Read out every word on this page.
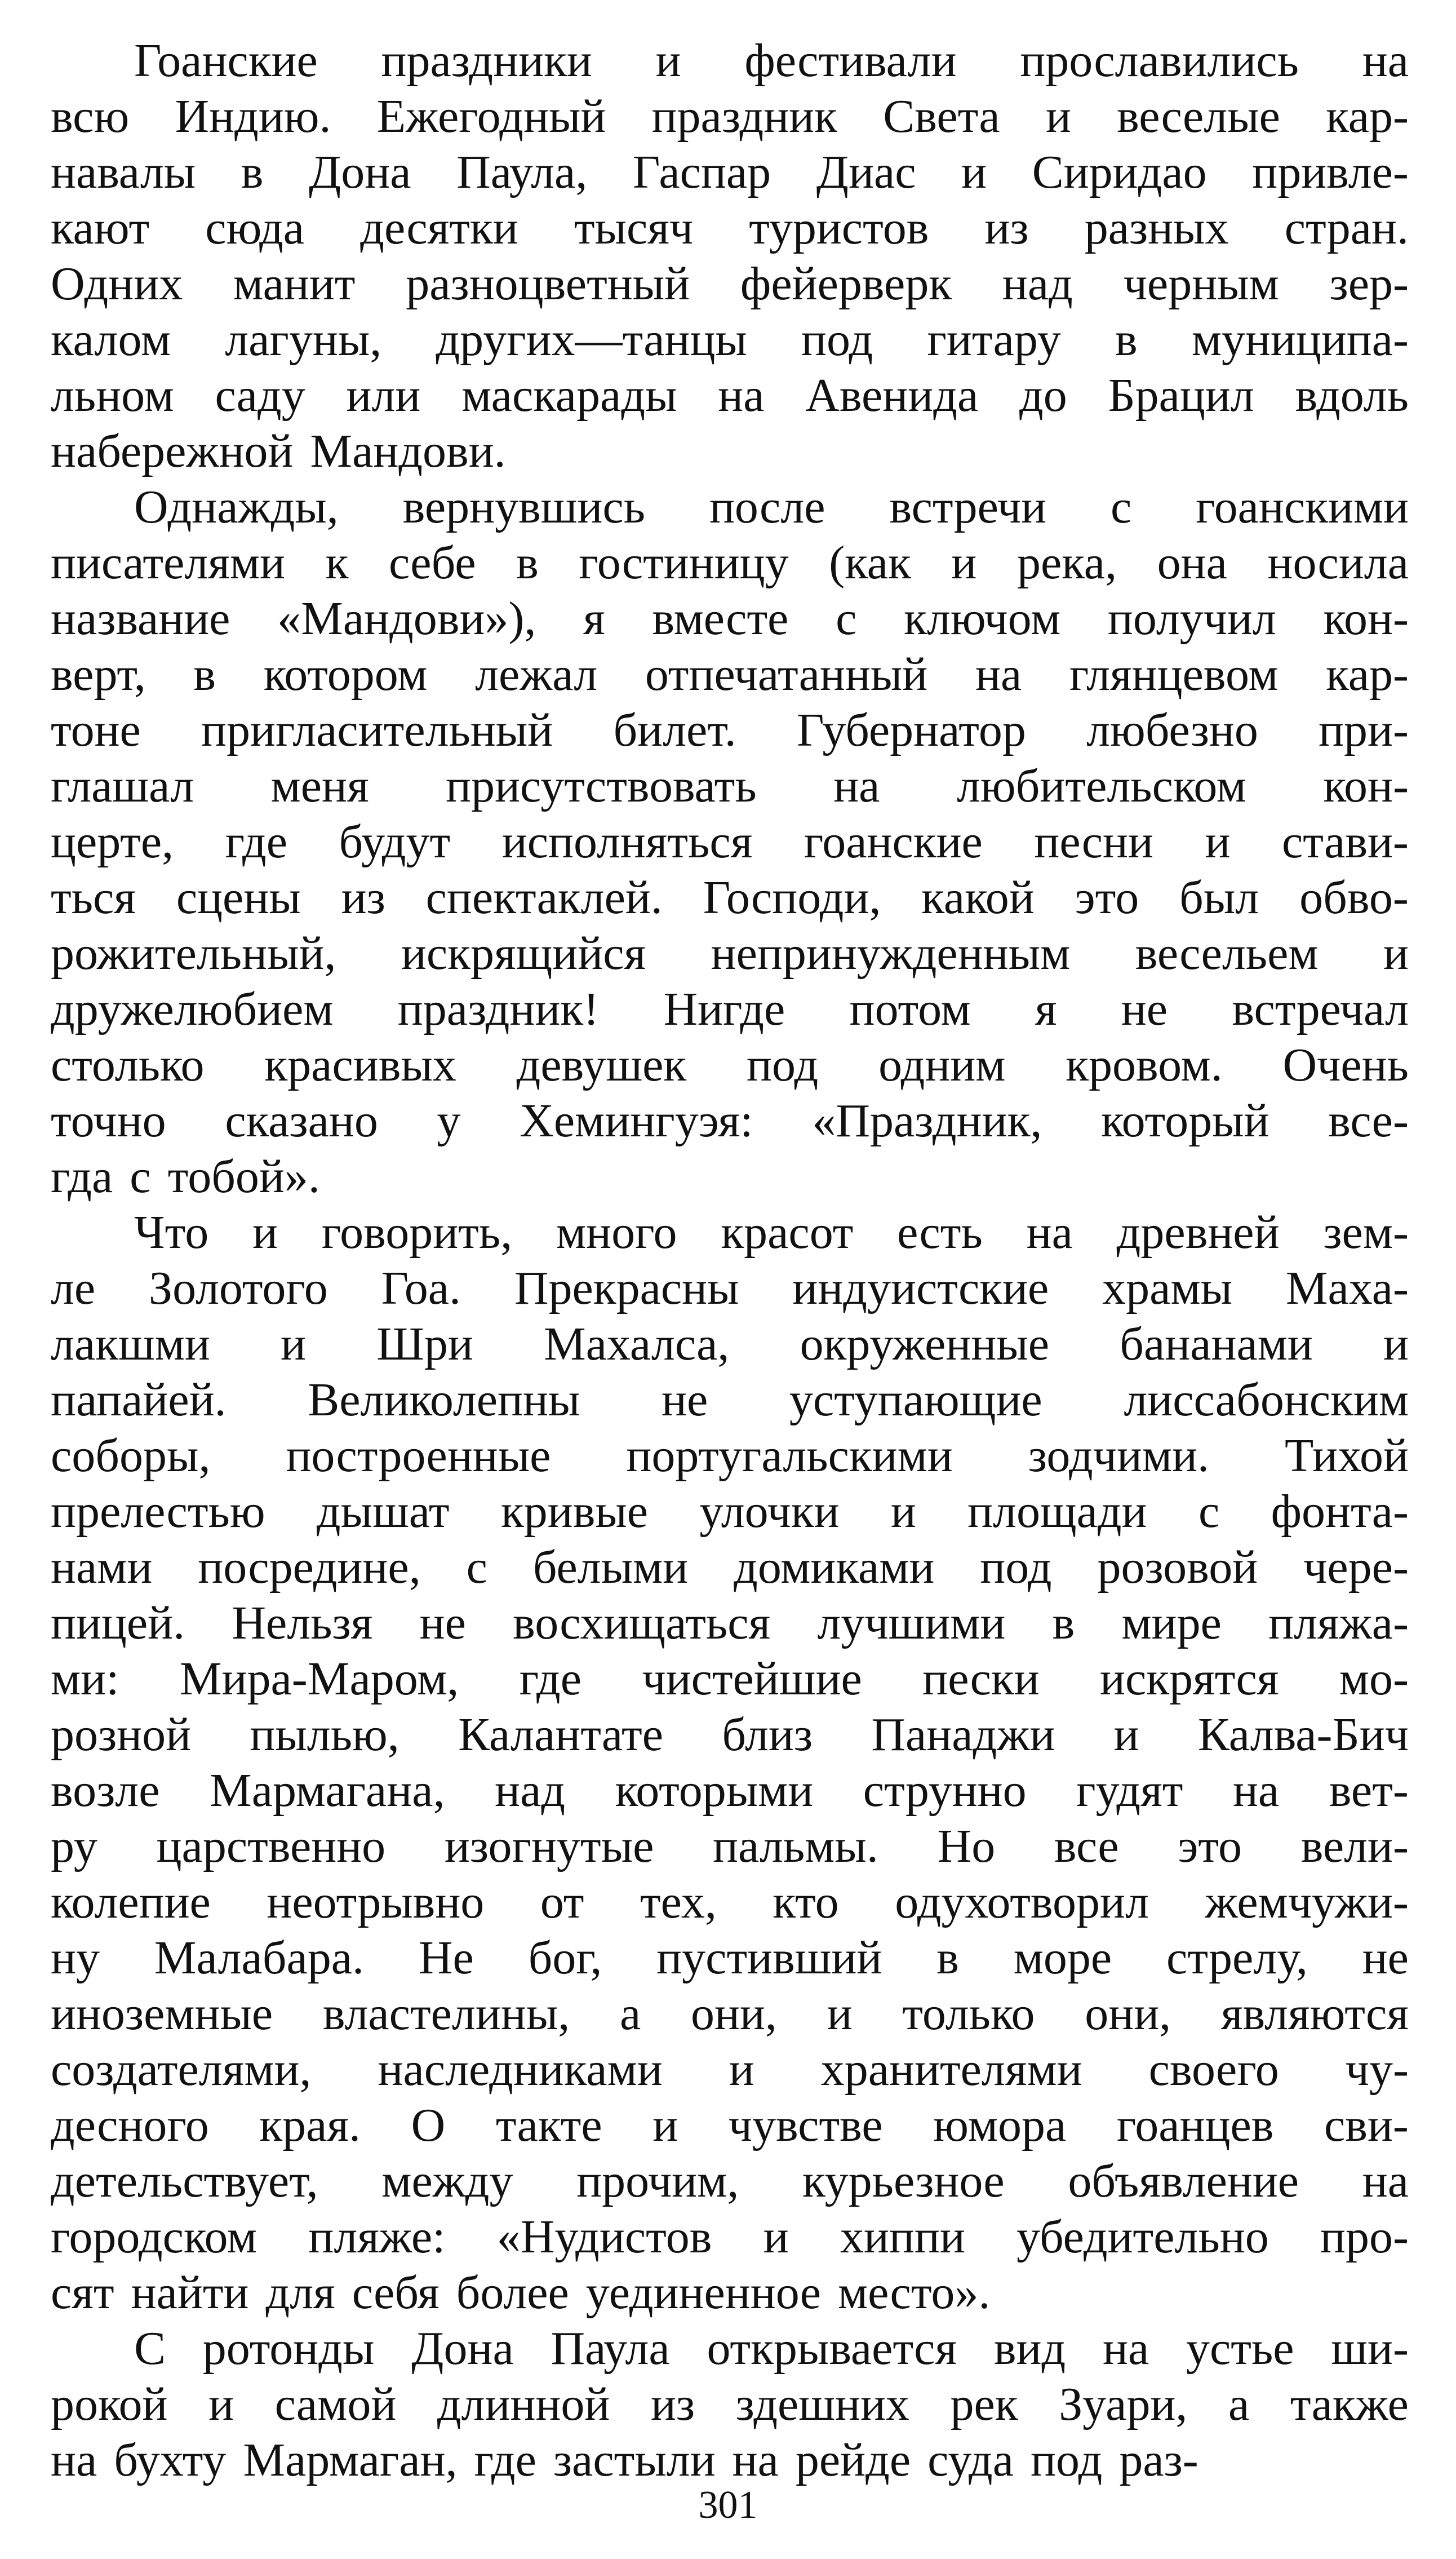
Гоанские праздники и фестивали прославились на
всю Индию. Ежегодный праздник Света и веселые кар-
навалы в Дона Паула, Гаспар Диас и Сиридао привле-
кают сюда десятки тысяч туристов из разных стран.
Одних манит разноцветный фейерверк над черным зер-
калом лагуны, других—танцы под гитару в муниципа-
льном саду или маскарады на Авенида до Брацил вдоль
набережной Мандови.
Однажды, вернувшись после встречи с гоанскими
писателями к себе в гостиницу (как и река, она носила
название «Мандови»), я вместе с ключом получил кон-
верт, в котором лежал отпечатанный на глянцевом кар-
тоне пригласительный билет. Губернатор любезно при-
глашал меня присутствовать на любительском кон-
церте, где будут исполняться гоанские песни и стави-
ться сцены из спектаклей. Господи, какой это был обво-
рожительный, искрящийся непринужденным весельем и
дружелюбием праздник! Нигде потом я не встречал
столько красивых девушек под одним кровом. Очень
точно сказано у Хемингуэя: «Праздник, который все-
гда с тобой».
Что и говорить, много красот есть на древней зем-
ле Золотого Гоа. Прекрасны индуистские храмы Маха-
лакшми и Шри Махалса, окруженные бананами и
папайей. Великолепны не уступающие лиссабонским
соборы, построенные португальскими зодчими. Тихой
прелестью дышат кривые улочки и площади с фонта-
нами посредине, с белыми домиками под розовой чере-
пицей. Нельзя не восхищаться лучшими в мире пляжа-
ми: Мира-Маром, где чистейшие пески искрятся мо-
розной пылью, Калантате близ Панаджи и Калва-Бич
возле Мармагана, над которыми струнно гудят на вет-
ру царственно изогнутые пальмы. Но все это вели-
колепие неотрывно от тех, кто одухотворил жемчужи-
ну Малабара. Не бог, пустивший в море стрелу, не
иноземные властелины, а они, и только они, являются
создателями, наследниками и хранителями своего чу-
десного края. О такте и чувстве юмора гоанцев сви-
детельствует, между прочим, курьезное объявление на
городском пляже: «Нудистов и хиппи убедительно про-
сят найти для себя более уединенное место».
С ротонды Дона Паула открывается вид на устье ши-
рокой и самой длинной из здешних рек Зуари, а также
на бухту Мармаган, где застыли на рейде суда под раз-
301
